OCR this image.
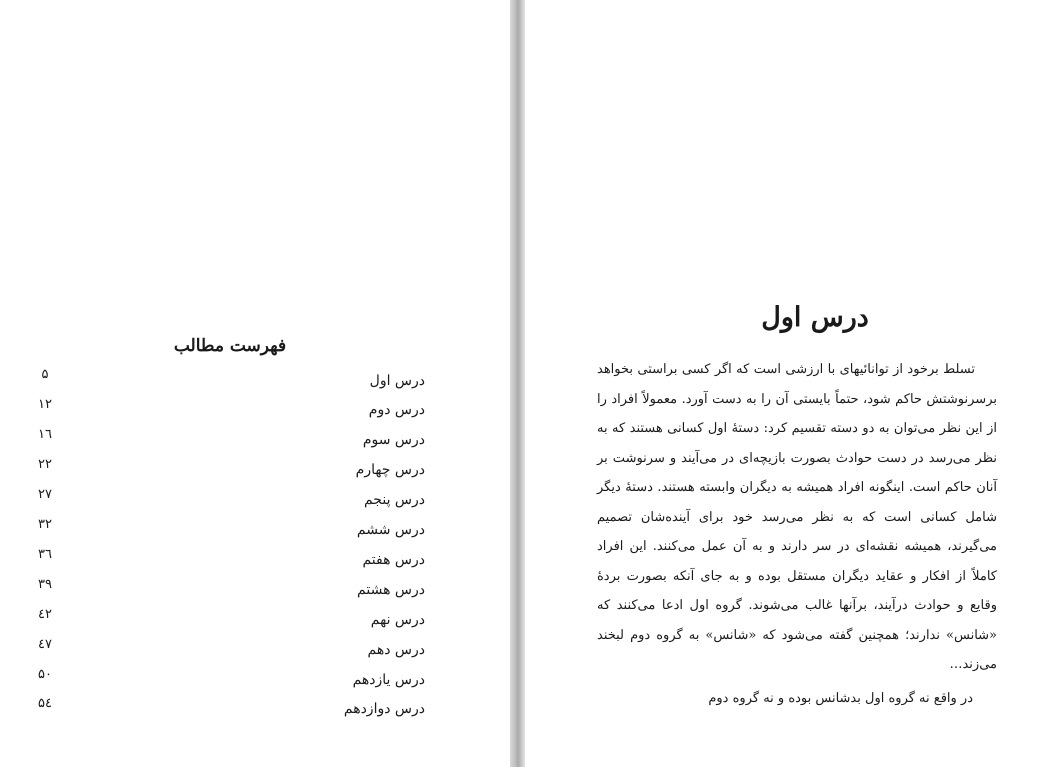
فهرست مطالب
درس اول
۵
درس دوم
۱۲
درس سوم
۱٦
درس چهارم
۲۲
درس پنجم
۲۷
درس ششم
۳۲
درس هفتم
۳٦
درس هشتم
۳۹
درس نهم
٤۲
درس دهم
٤۷
درس یازدهم
۵۰
درس دوازدهم
۵٤
درس اول

تسلط برخود از توانائیهای با ارزشی است که اگر کسی براستی بخواهد برسرنوشتش حاکم شود، حتماً بایستی آن را به دست آورد. معمولاً افراد را از این نظر می‌توان به دو دسته تقسیم کرد: دستهٔ اول کسانی هستند که به نظر می‌رسد در دست حوادث بصورت بازیچه‌ای در می‌آیند و سرنوشت بر آنان حاکم است. اینگونه افراد همیشه به دیگران وابسته هستند. دستهٔ دیگر شامل کسانی است که به نظر می‌رسد خود برای آینده‌شان تصمیم می‌گیرند، همیشه نقشه‌ای در سر دارند و به آن عمل می‌کنند. این افراد کاملاً از افکار و عقاید دیگران مستقل بوده و به جای آنکه بصورت بردهٔ وقایع و حوادث درآیند، برآنها غالب می‌شوند. گروه اول ادعا می‌کنند که «شانس» ندارند؛ همچنین گفته می‌شود که «شانس» به گروه دوم لبخند می‌زند…

در واقع نه گروه اول بدشانس بوده و نه گروه دوم
